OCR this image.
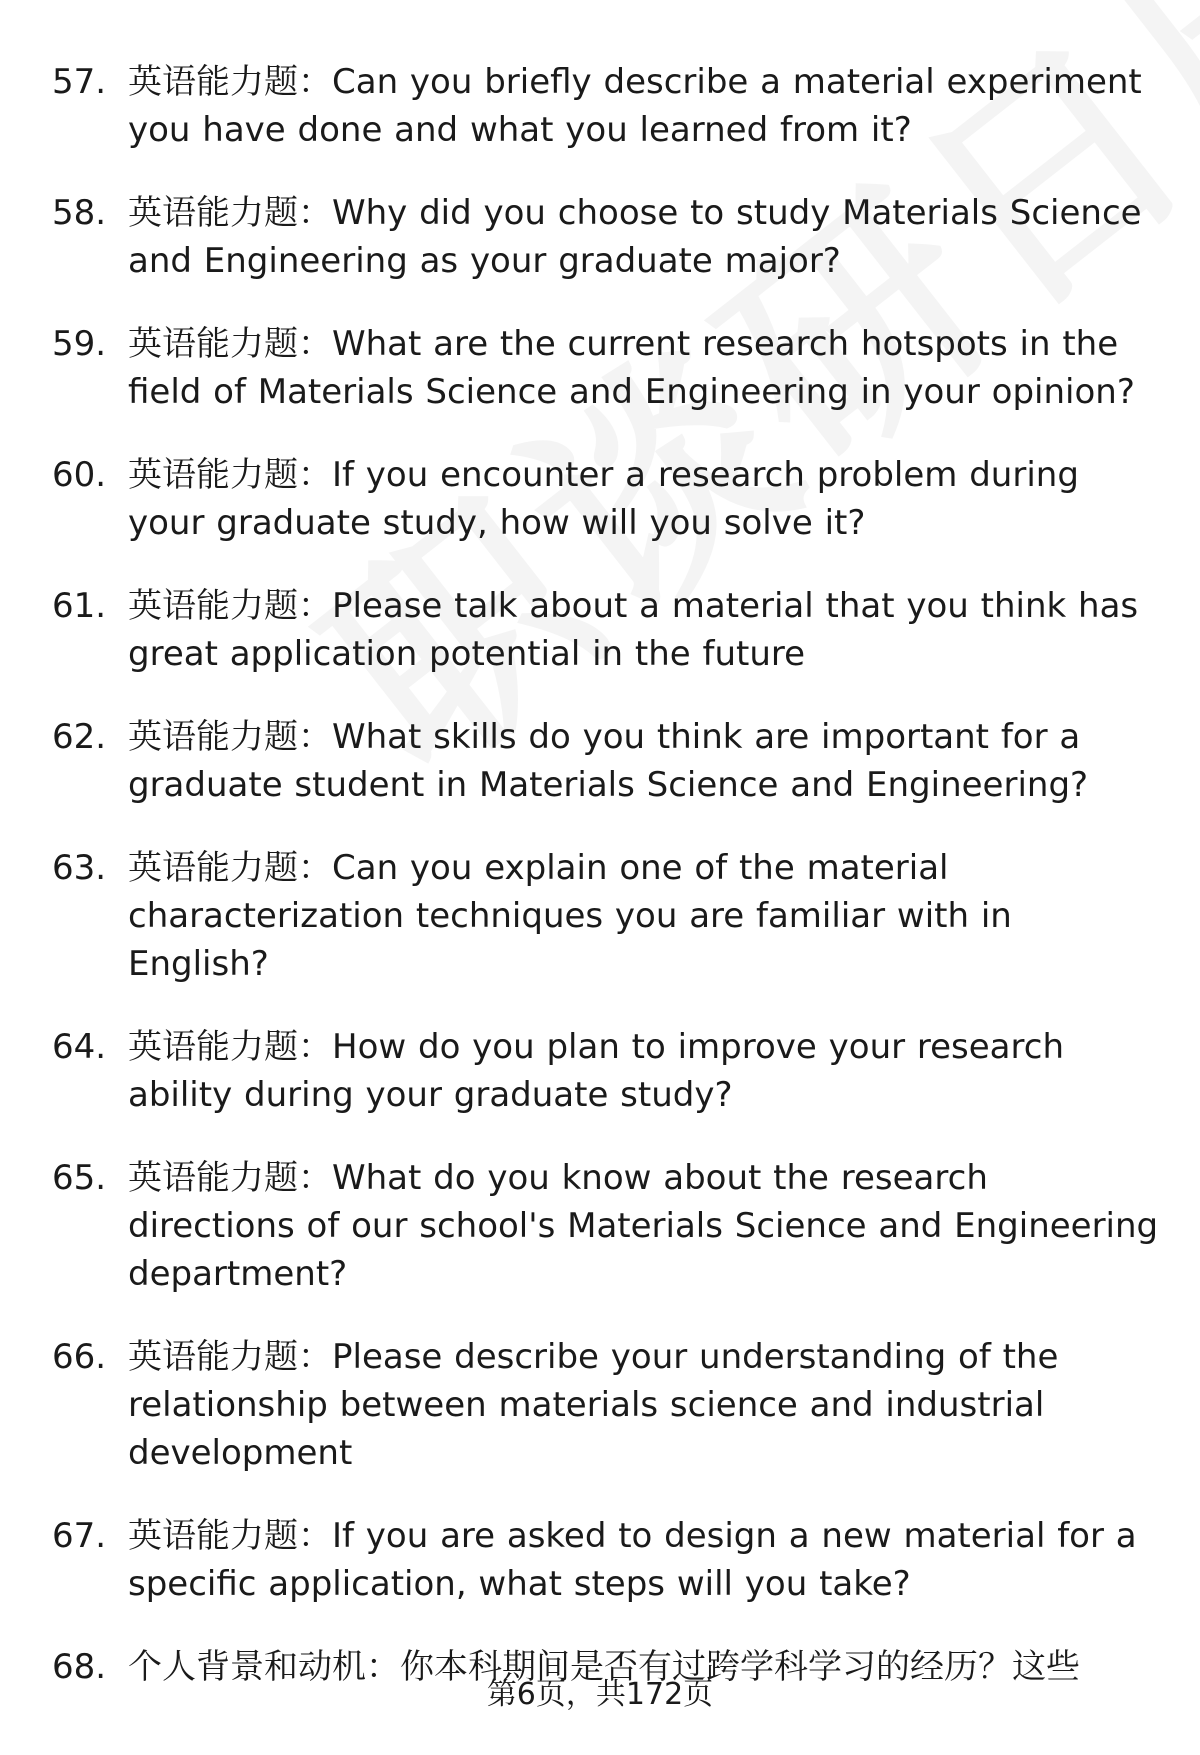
57. 英语能力题：Can you briefly describe a material experiment you have done and what you learned from it?
58. 英语能力题：Why did you choose to study Materials Science and Engineering as your graduate major?
59. 英语能力题：What are the current research hotspots in the field of Materials Science and Engineering in your opinion?
60. 英语能力题：If you encounter a research problem during your graduate study, how will you solve it?
61. 英语能力题：Please talk about a material that you think has great application potential in the future
62. 英语能力题：What skills do you think are important for a graduate student in Materials Science and Engineering?
63. 英语能力题：Can you explain one of the material characterization techniques you are familiar with in English?
64. 英语能力题：How do you plan to improve your research ability during your graduate study?
65. 英语能力题：What do you know about the research directions of our school's Materials Science and Engineering department?
66. 英语能力题：Please describe your understanding of the relationship between materials science and industrial development
67. 英语能力题：If you are asked to design a new material for a specific application, what steps will you take?
68. 个人背景和动机：你本科期间是否有过跨学科学习的经历？这些
第6页，共172页
